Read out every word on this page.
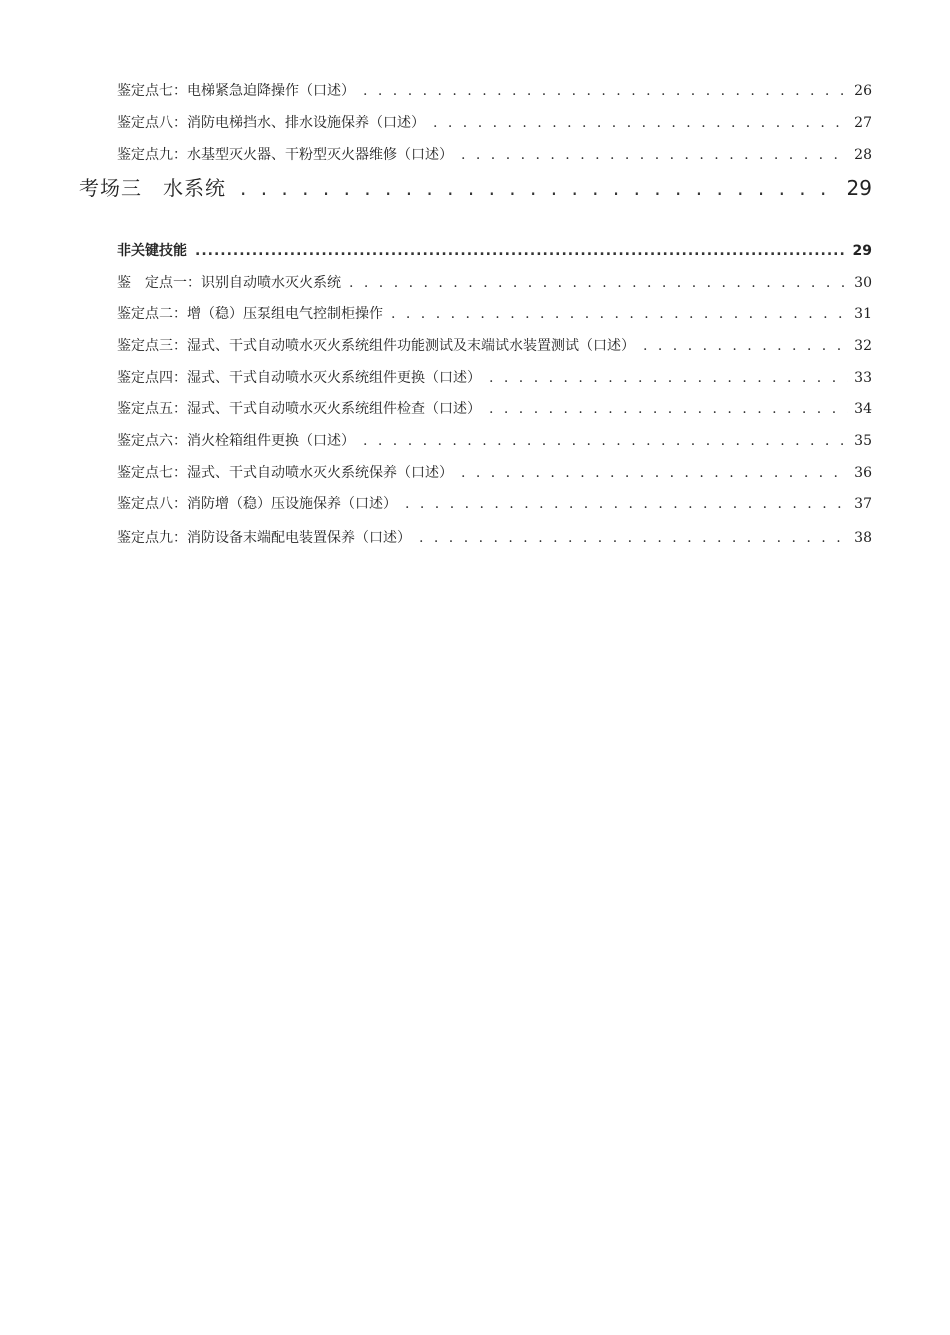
鉴定点七：电梯紧急迫降操作（口述） . . .	26
鉴定点八：消防电梯挡水、排水设施保养（口述） . . .	27
鉴定点九：水基型灭火器、干粉型灭火器维修（口述） . . .	28
考场三　水系统 . . .	29
非关键技能 .....	29
鉴　定点一：识别自动喷水灭火系统 . . .	30
鉴定点二：增（稳）压泵组电气控制柜操作 . . .	31
鉴定点三：湿式、干式自动喷水灭火系统组件功能测试及末端试水装置测试（口述） . . .	32
鉴定点四：湿式、干式自动喷水灭火系统组件更换（口述） . . .	33
鉴定点五：湿式、干式自动喷水灭火系统组件检查（口述） . . .	34
鉴定点六：消火栓箱组件更换（口述） . . .	35
鉴定点七：湿式、干式自动喷水灭火系统保养（口述） . . .	36
鉴定点八：消防增（稳）压设施保养（口述） . . .	37
鉴定点九：消防设备末端配电装置保养（口述） . . .	38
